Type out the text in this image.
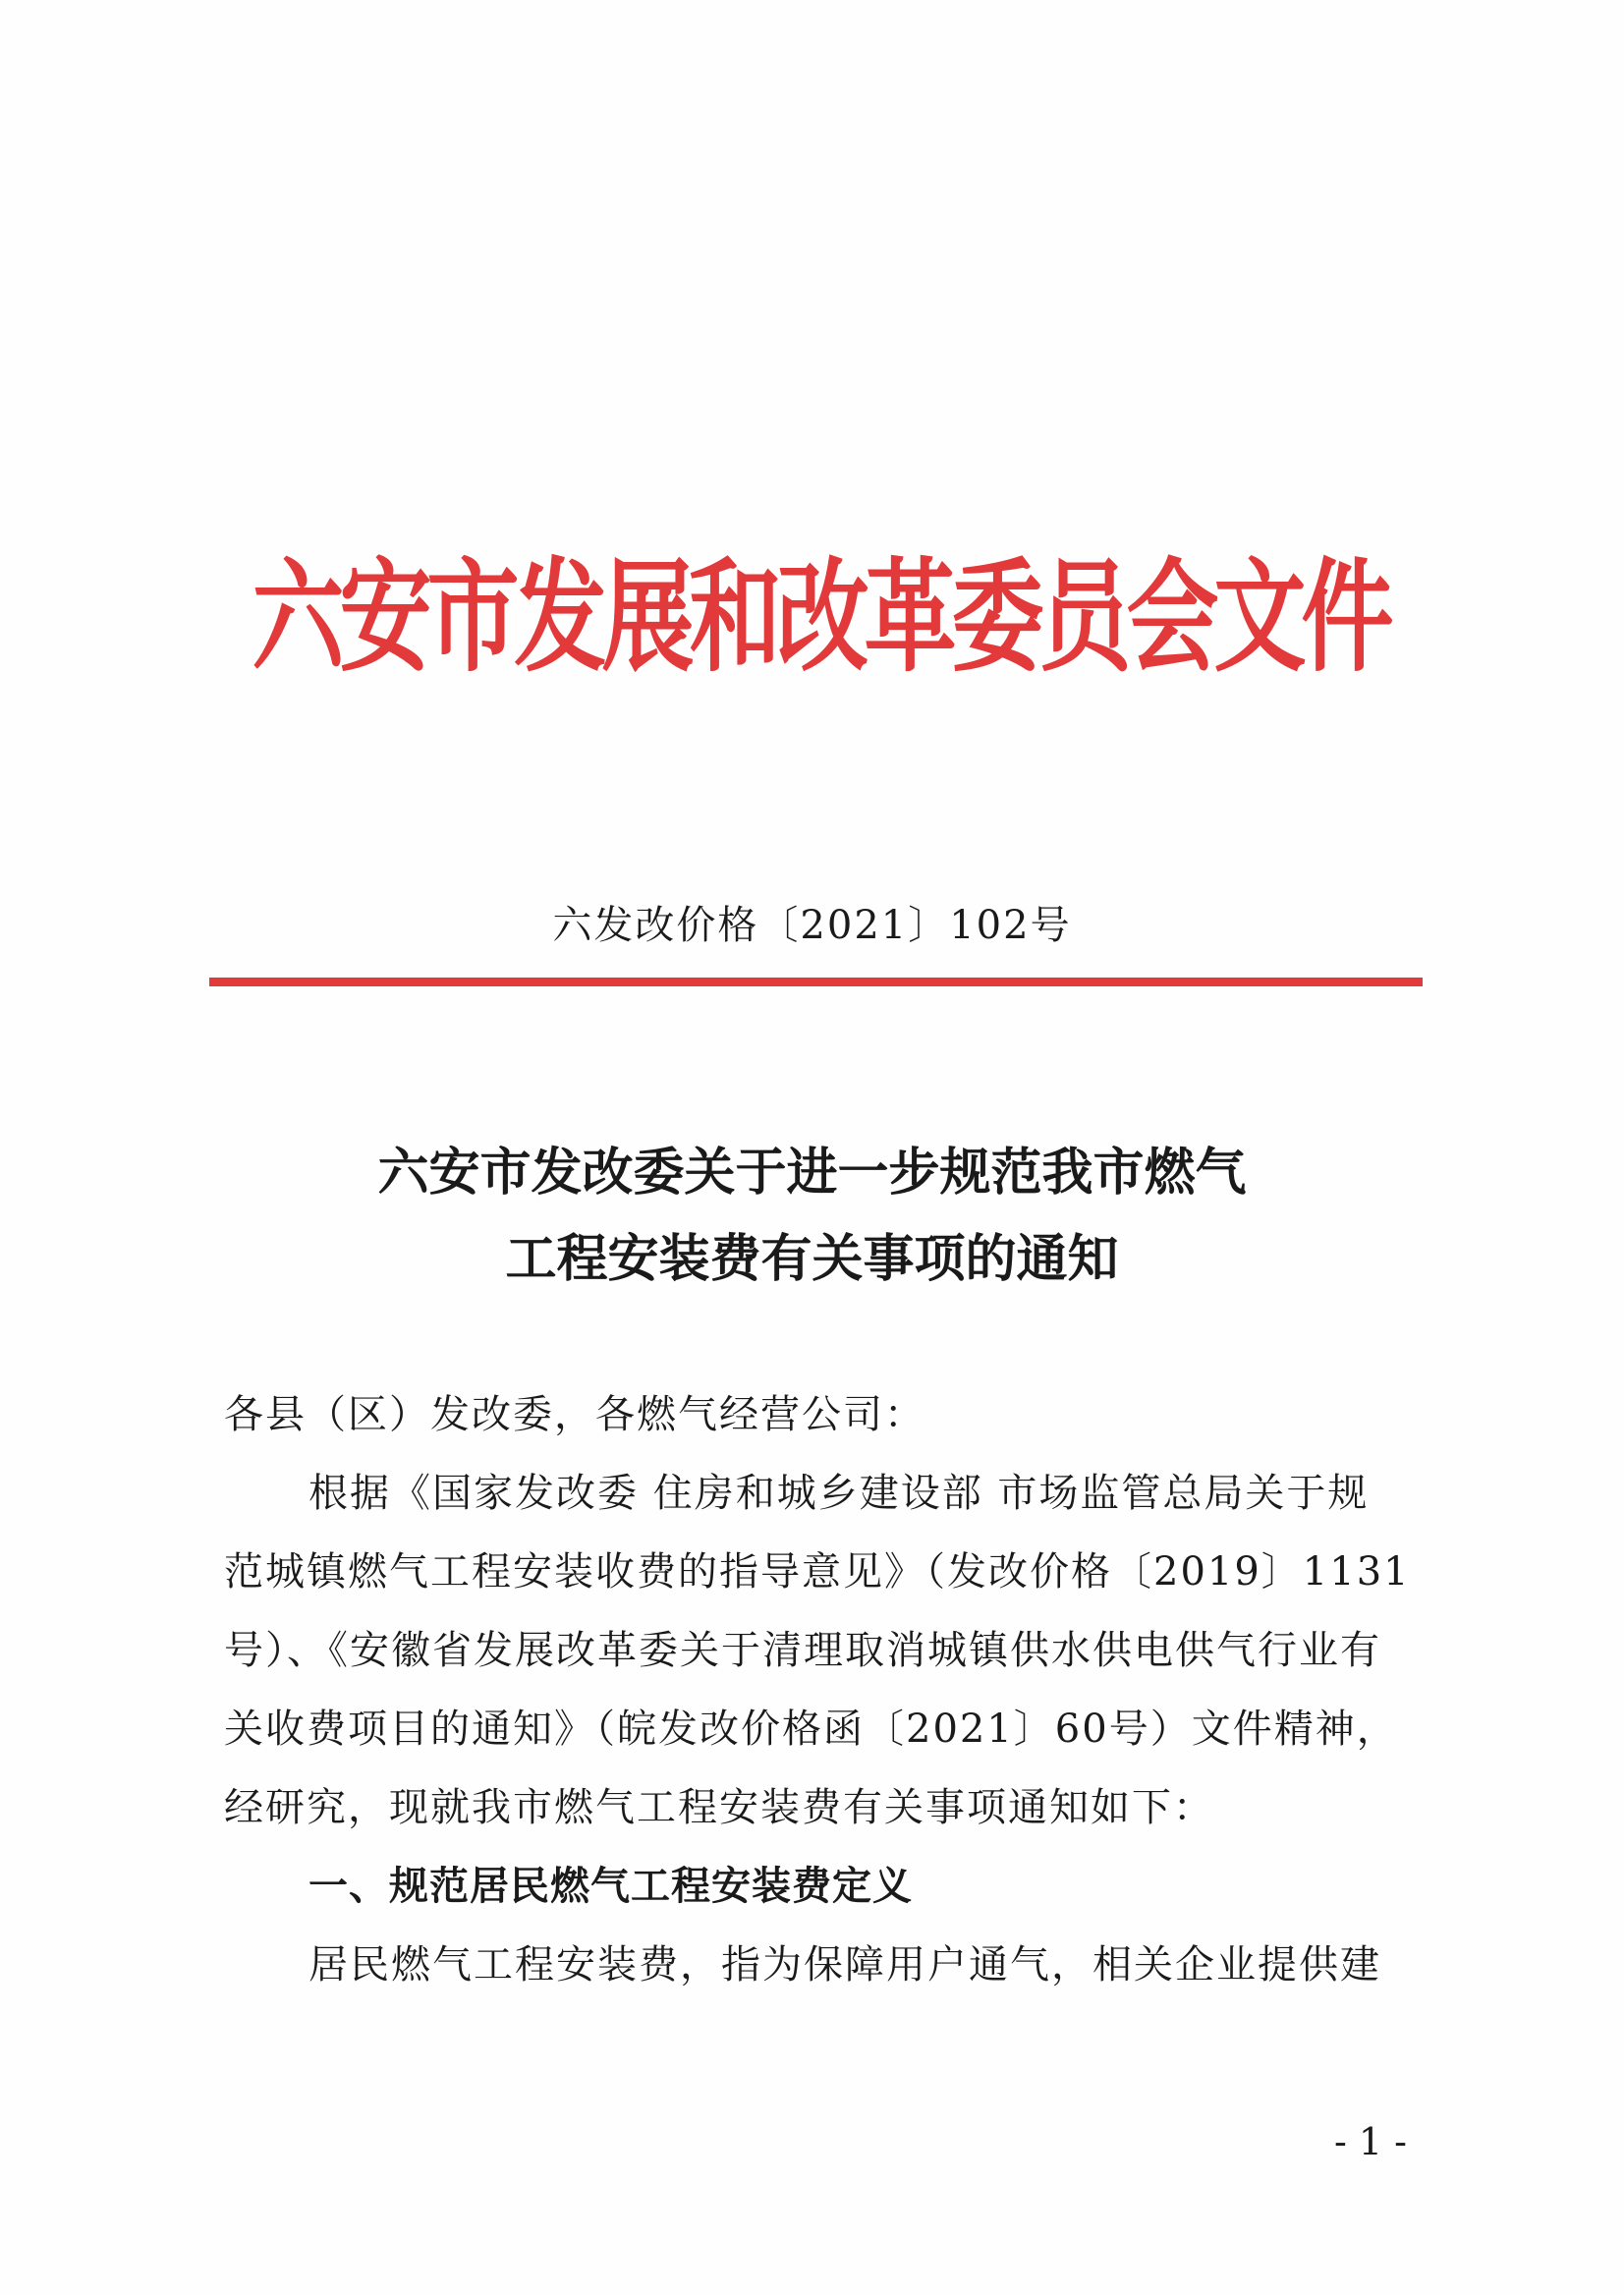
六安市发展和改革委员会文件
六发改价格〔2021〕102号
六安市发改委关于进一步规范我市燃气
工程安装费有关事项的通知
各县（区）发改委，各燃气经营公司：
根据《国家发改委 住房和城乡建设部 市场监管总局关于规
范城镇燃气工程安装收费的指导意见》（发改价格〔2019〕1131
号）、《安徽省发展改革委关于清理取消城镇供水供电供气行业有
关收费项目的通知》（皖发改价格函〔2021〕60号）文件精神，
经研究，现就我市燃气工程安装费有关事项通知如下：
一、规范居民燃气工程安装费定义
居民燃气工程安装费，指为保障用户通气，相关企业提供建
- 1 -
